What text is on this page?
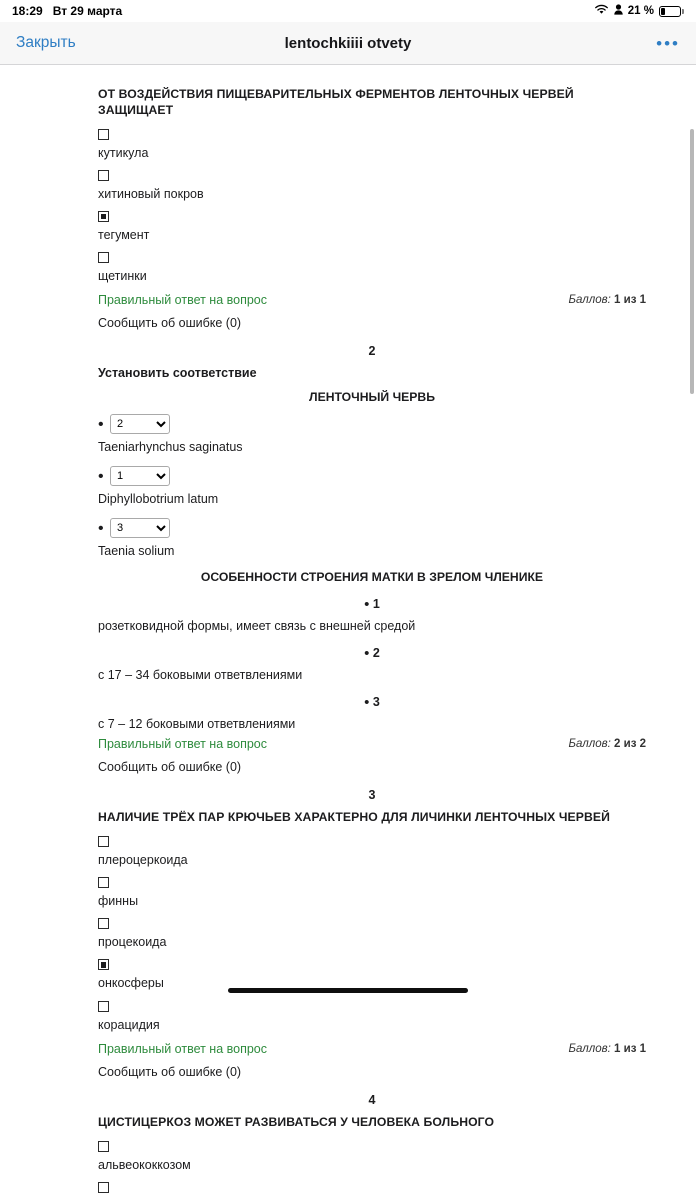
18:29 Вт 29 марта	21 %
Закрыть	lentochkiiii otvety	•••
ОТ ВОЗДЕЙСТВИЯ ПИЩЕВАРИТЕЛЬНЫХ ФЕРМЕНТОВ ЛЕНТОЧНЫХ ЧЕРВЕЙ ЗАЩИЩАЕТ
кутикула
хитиновый покров
тегумент
щетинки
Правильный ответ на вопрос	Баллов: 1 из 1
Сообщить об ошибке (0)
2
Установить соответствие
ЛЕНТОЧНЫЙ ЧЕРВЬ
•
2
Taeniarhynchus saginatus
•
1
Diphyllobotrium latum
•
3
Taenia solium
ОСОБЕННОСТИ СТРОЕНИЯ МАТКИ В ЗРЕЛОМ ЧЛЕНИКЕ
• 1
розетковидной формы, имеет связь с внешней средой
• 2
с 17 – 34 боковыми ответвлениями
• 3
с 7 – 12 боковыми ответвлениями
Правильный ответ на вопрос	Баллов: 2 из 2
Сообщить об ошибке (0)
3
НАЛИЧИЕ ТРЁХ ПАР КРЮЧЬЕВ ХАРАКТЕРНО ДЛЯ ЛИЧИНКИ ЛЕНТОЧНЫХ ЧЕРВЕЙ
плероцеркоида
финны
процекоида
онкосферы
корацидия
Правильный ответ на вопрос	Баллов: 1 из 1
Сообщить об ошибке (0)
4
ЦИСТИЦЕРКОЗ МОЖЕТ РАЗВИВАТЬСЯ У ЧЕЛОВЕКА БОЛЬНОГО
альвеококкозом
